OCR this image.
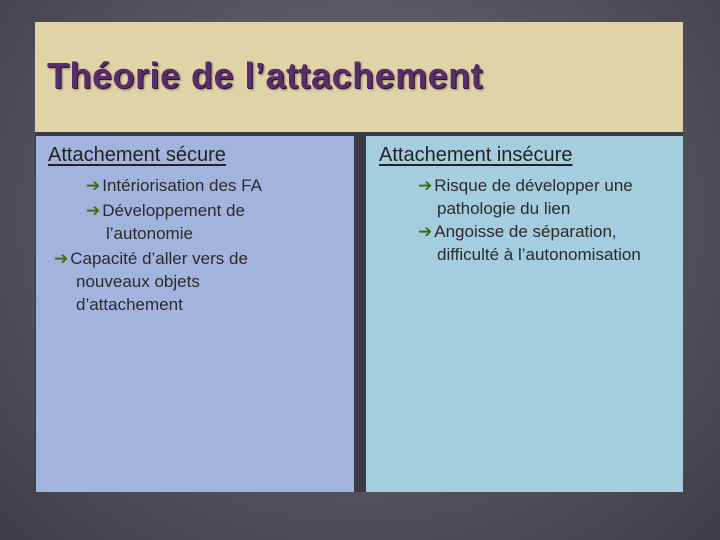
Théorie de l’attachement
Attachement sécure
➔ Intériorisation des FA
➔ Développement de
l’autonomie
➔ Capacité d’aller vers de
nouveaux objets
d’attachement
Attachement insécure
➔ Risque de développer une
pathologie du lien
➔ Angoisse de séparation,
difficulté à l’autonomisation
